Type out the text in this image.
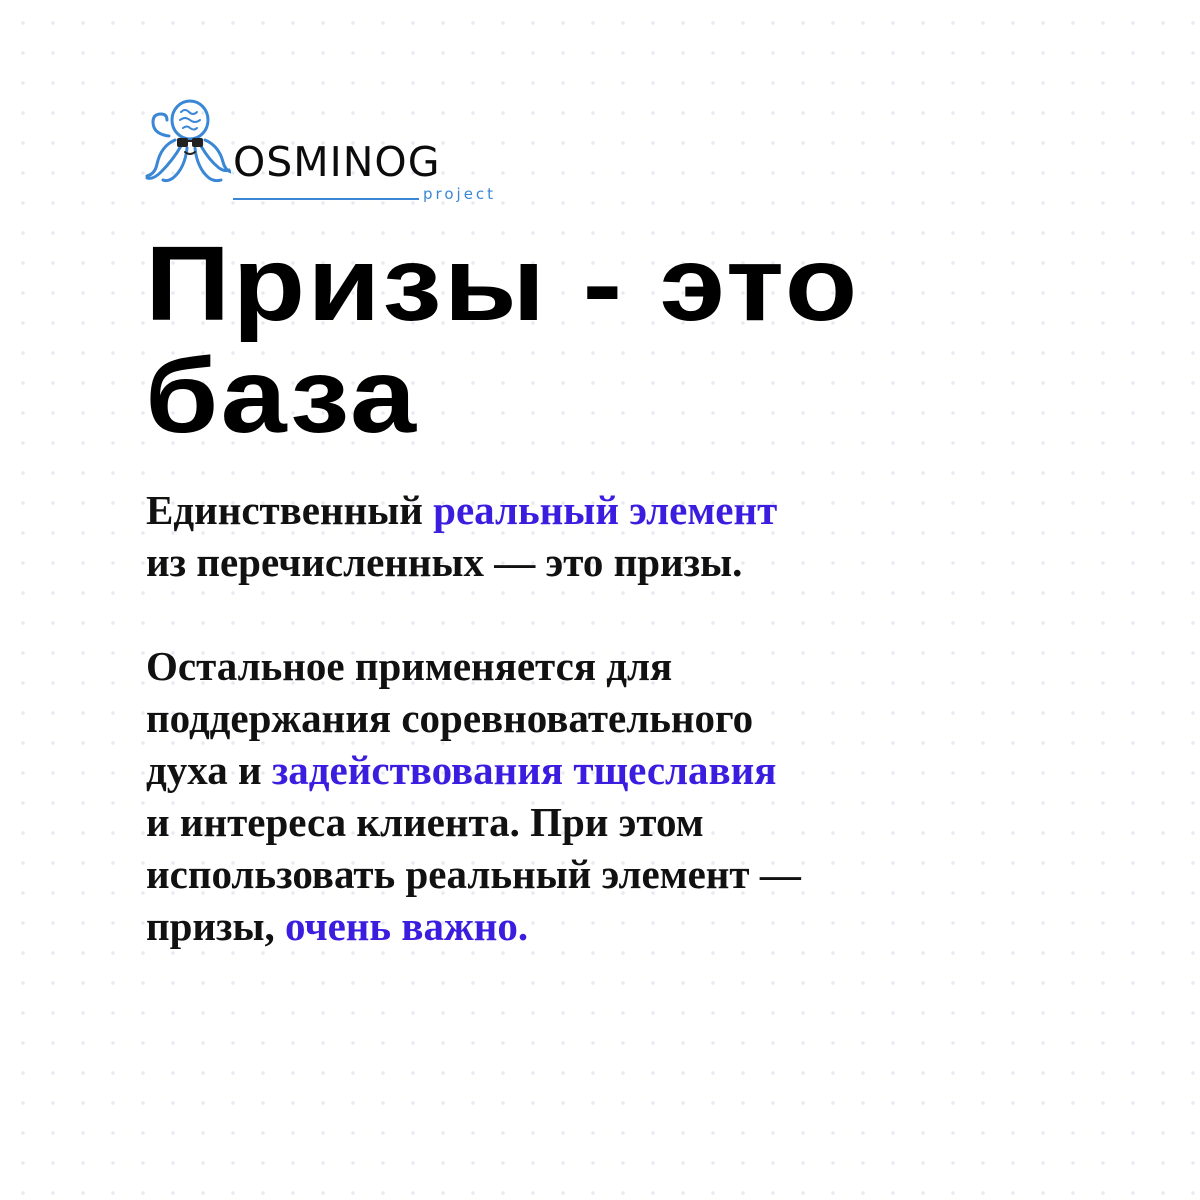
OSMINOG
project
Призы - это
база

Единственный реальный элемент
из перечисленных — это призы.

Остальное применяется для
поддержания соревновательного
духа и задействования тщеславия
и интереса клиента. При этом
использовать реальный элемент —
призы, очень важно.
